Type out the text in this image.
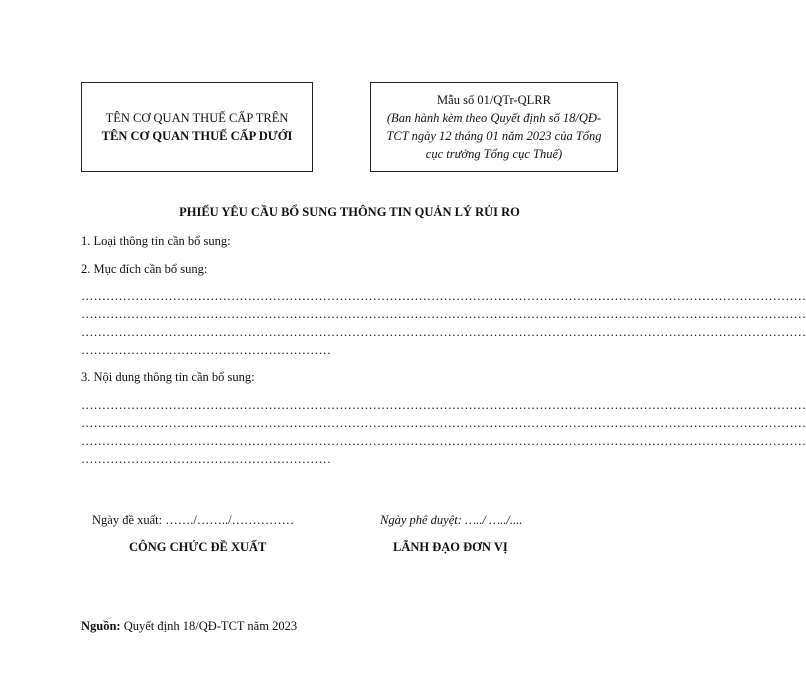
TÊN CƠ QUAN THUẾ CẤP TRÊN
TÊN CƠ QUAN THUẾ CẤP DƯỚI
Mẫu số 01/QTr-QLRR
(Ban hành kèm theo Quyết định số 18/QĐ-
TCT ngày 12 tháng 01 năm 2023 của Tổng
cục trưởng Tổng cục Thuế)
PHIẾU YÊU CẦU BỔ SUNG THÔNG TIN QUẢN LÝ RỦI RO
1. Loại thông tin cần bổ sung:
2. Mục đích cần bổ sung:
…………………………………………………………………………………………………………………………………………………………
…………………………………………………………………………………………………………………………………………………………
…………………………………………………………………………………………………………………………………………………………
……………………………………………………
3. Nội dung thông tin cần bổ sung:
…………………………………………………………………………………………………………………………………………………………
…………………………………………………………………………………………………………………………………………………………
…………………………………………………………………………………………………………………………………………………………
……………………………………………………
Ngày đề xuất: ……./……../……………
CÔNG CHỨC ĐỀ XUẤT
Ngày phê duyệt: …../ …../....
LÃNH ĐẠO ĐƠN VỊ
Nguồn: Quyết định 18/QĐ-TCT năm 2023
